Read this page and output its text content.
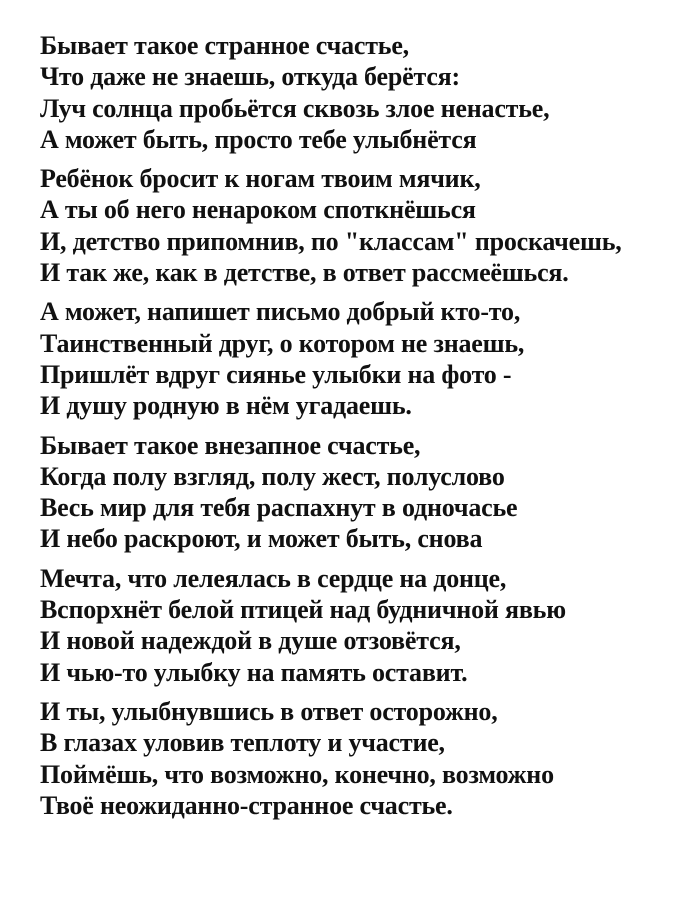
Бывает такое странное счастье,
Что даже не знаешь, откуда берётся:
Луч солнца пробьётся сквозь злое ненастье,
А может быть, просто тебе улыбнётся
Ребёнок бросит к ногам твоим мячик,
А ты об него ненароком споткнёшься
И, детство припомнив, по "классам" проскачешь,
И так же, как в детстве, в ответ рассмеёшься.
А может, напишет письмо добрый кто-то,
Таинственный друг, о котором не знаешь,
Пришлёт вдруг сиянье улыбки на фото -
И душу родную в нём угадаешь.
Бывает такое внезапное счастье,
Когда полу взгляд, полу жест, полуслово
Весь мир для тебя распахнут в одночасье
И небо раскроют, и может быть, снова
Мечта, что лелеялась в сердце на донце,
Вспорхнёт белой птицей над будничной явью
И новой надеждой в душе отзовётся,
И чью-то улыбку на память оставит.
И ты, улыбнувшись в ответ осторожно,
В глазах уловив теплоту и участие,
Поймёшь, что возможно, конечно, возможно
Твоё неожиданно-странное счастье.
